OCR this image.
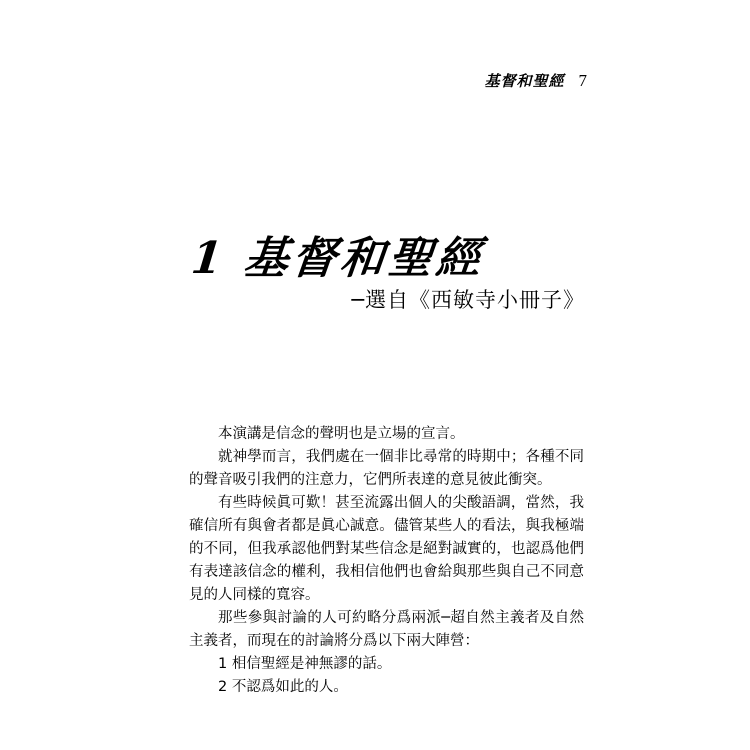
基督和聖經 7
1 基督和聖經
─選自《西敏寺小冊子》

本演講是信念的聲明也是立場的宣言。

就神學而言，我們處在一個非比尋常的時期中；各種不同的聲音吸引我們的注意力，它們所表達的意見彼此衝突。

有些時候眞可歎！甚至流露出個人的尖酸語調，當然，我確信所有與會者都是眞心誠意。儘管某些人的看法，與我極端的不同，但我承認他們對某些信念是絕對誠實的，也認爲他們有表達該信念的權利，我相信他們也會給與那些與自己不同意見的人同樣的寬容。

那些參與討論的人可約略分爲兩派─超自然主義者及自然主義者，而現在的討論將分爲以下兩大陣營：

1 相信聖經是神無謬的話。

2 不認爲如此的人。
